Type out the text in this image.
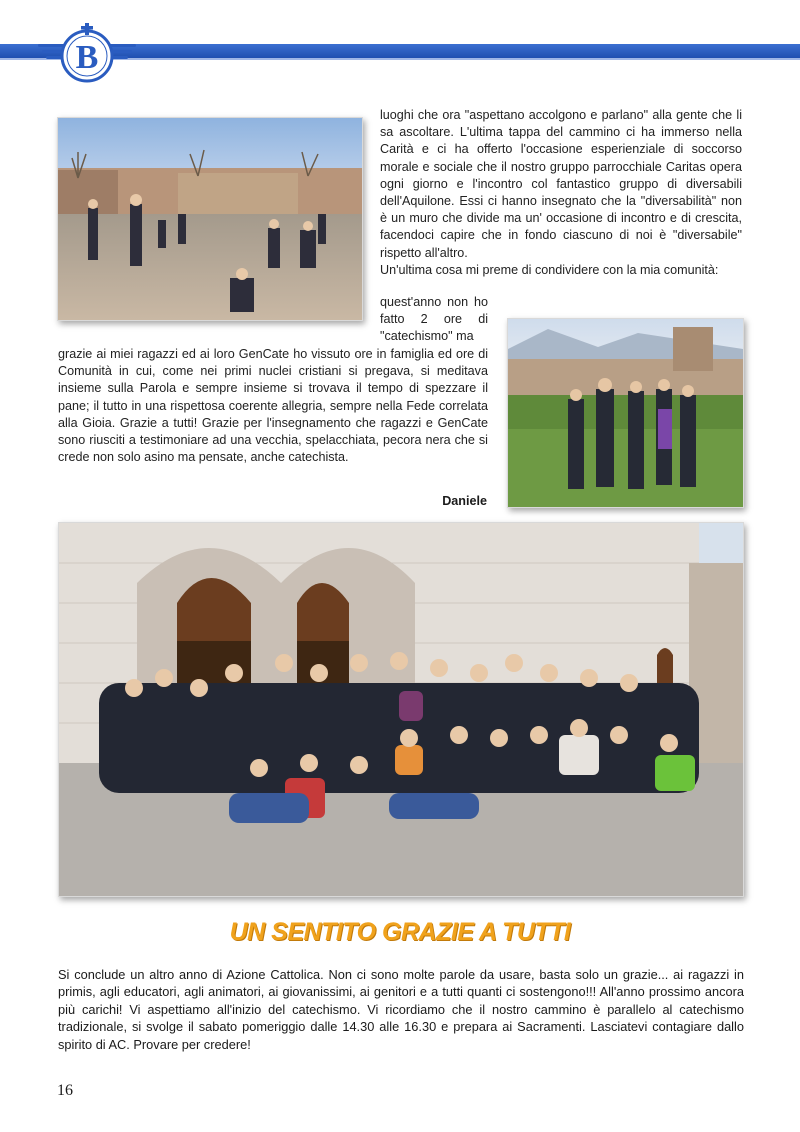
B

luoghi che ora "aspettano accolgono e parlano" alla gente che li sa ascoltare. L'ultima tappa del cammino ci ha immerso nella Carità e ci ha offerto l'occasione esperienziale di soccorso morale e sociale che il nostro gruppo parrocchiale Caritas opera ogni giorno e l'incontro col fantastico gruppo di diversabili dell'Aquilone. Essi ci hanno insegnato che la "diversabilità" non è un muro che divide ma un' occasione di incontro e di crescita, facendoci capire che in fondo ciascuno di noi è "diversabile" rispetto all'altro.

Un'ultima cosa mi preme di condividere con la mia comunità:

quest'anno non ho fatto 2 ore di "catechismo" ma

grazie ai miei ragazzi ed ai loro GenCate ho vissuto ore in famiglia ed ore di Comunità in cui, come nei primi nuclei cristiani si pregava, si meditava insieme sulla Parola e sempre insieme si trovava il tempo di spezzare il pane; il tutto in una rispettosa coerente allegria, sempre nella Fede correlata alla Gioia. Grazie a tutti! Grazie per l'insegnamento che ragazzi e GenCate sono riusciti a testimoniare ad una vecchia, spelacchiata, pecora nera che si crede non solo asino ma pensate, anche catechista.

Daniele

UN SENTITO GRAZIE A TUTTI

Si conclude un altro anno di Azione Cattolica. Non ci sono molte parole da usare, basta solo un grazie... ai ragazzi in primis, agli educatori, agli animatori, ai giovanissimi, ai genitori e a tutti quanti ci sostengono!!! All'anno prossimo ancora più carichi! Vi aspettiamo all'inizio del catechismo. Vi ricordiamo che il nostro cammino è parallelo al catechismo tradizionale, si svolge il sabato pomeriggio dalle 14.30 alle 16.30 e prepara ai Sacramenti. Lasciatevi contagiare dallo spirito di AC. Provare per credere!

16
